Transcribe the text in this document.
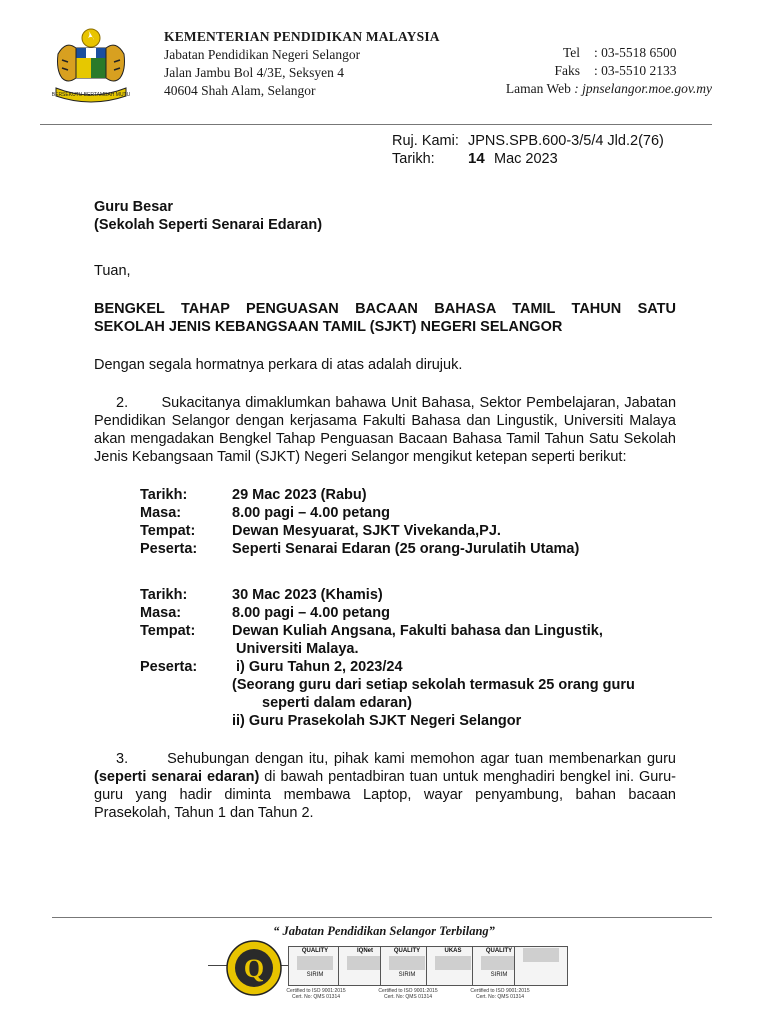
BERSEKUTU BERTAMBAH MUTU
KEMENTERIAN PENDIDIKAN MALAYSIA
Jabatan Pendidikan Negeri Selangor
Jalan Jambu Bol 4/3E, Seksyen 4
40604 Shah Alam, Selangor
Tel : 03-5518 6500
Faks : 03-5510 2133
Laman Web
: jpnselangor.moe.gov.my
Ruj. Kami: JPNS.SPB.600-3/5/4 Jld.2(76)
Tarikh: 14 Mac 2023

Guru Besar

(Sekolah Seperti Senarai Edaran)

Tuan,

BENGKEL TAHAP PENGUASAN BACAAN BAHASA TAMIL TAHUN SATU

SEKOLAH JENIS KEBANGSAAN TAMIL (SJKT) NEGERI SELANGOR

Dengan segala hormatnya perkara di atas adalah dirujuk.

2. Sukacitanya dimaklumkan bahawa Unit Bahasa, Sektor Pembelajaran, Jabatan Pendidikan Selangor dengan kerjasama Fakulti Bahasa dan Lingustik, Universiti Malaya akan mengadakan Bengkel Tahap Penguasan Bacaan Bahasa Tamil Tahun Satu Sekolah Jenis Kebangsaan Tamil (SJKT) Negeri Selangor mengikut ketepan seperti berikut:

Tarikh:	29 Mac 2023 (Rabu)
Masa:	8.00 pagi – 4.00 petang
Tempat:	Dewan Mesyuarat, SJKT Vivekanda,PJ.
Peserta:	Seperti Senarai Edaran (25 orang-Jurulatih Utama)
Tarikh:	30 Mac 2023 (Khamis)
Masa:	8.00 pagi – 4.00 petang
Tempat:	Dewan Kuliah Angsana, Fakulti bahasa dan Lingustik,
	Universiti Malaya.
Peserta:	i) Guru Tahun 2, 2023/24
	(Seorang guru dari setiap sekolah termasuk 25 orang guru
	seperti dalam edaran)
	ii) Guru Prasekolah SJKT Negeri Selangor

3.	Sehubungan dengan itu, pihak kami memohon agar tuan membenarkan guru (seperti senarai edaran) di bawah pentadbiran tuan untuk menghadiri bengkel ini. Guru- guru yang hadir diminta membawa Laptop, wayar penyambung, bahan bacaan Prasekolah, Tahun 1 dan Tahun 2.

“ Jabatan Pendidikan Selangor Terbilang”
Q
QUALITY
SIRIM
Certified to ISO 9001:2015 Cert. No: QMS 01314
IQNet	QUALITY
SIRIM
Certified to ISO 9001:2015 Cert. No: QMS 01314
UKAS	QUALITY
SIRIM
Certified to ISO 9001:2015 Cert. No: QMS 01314
